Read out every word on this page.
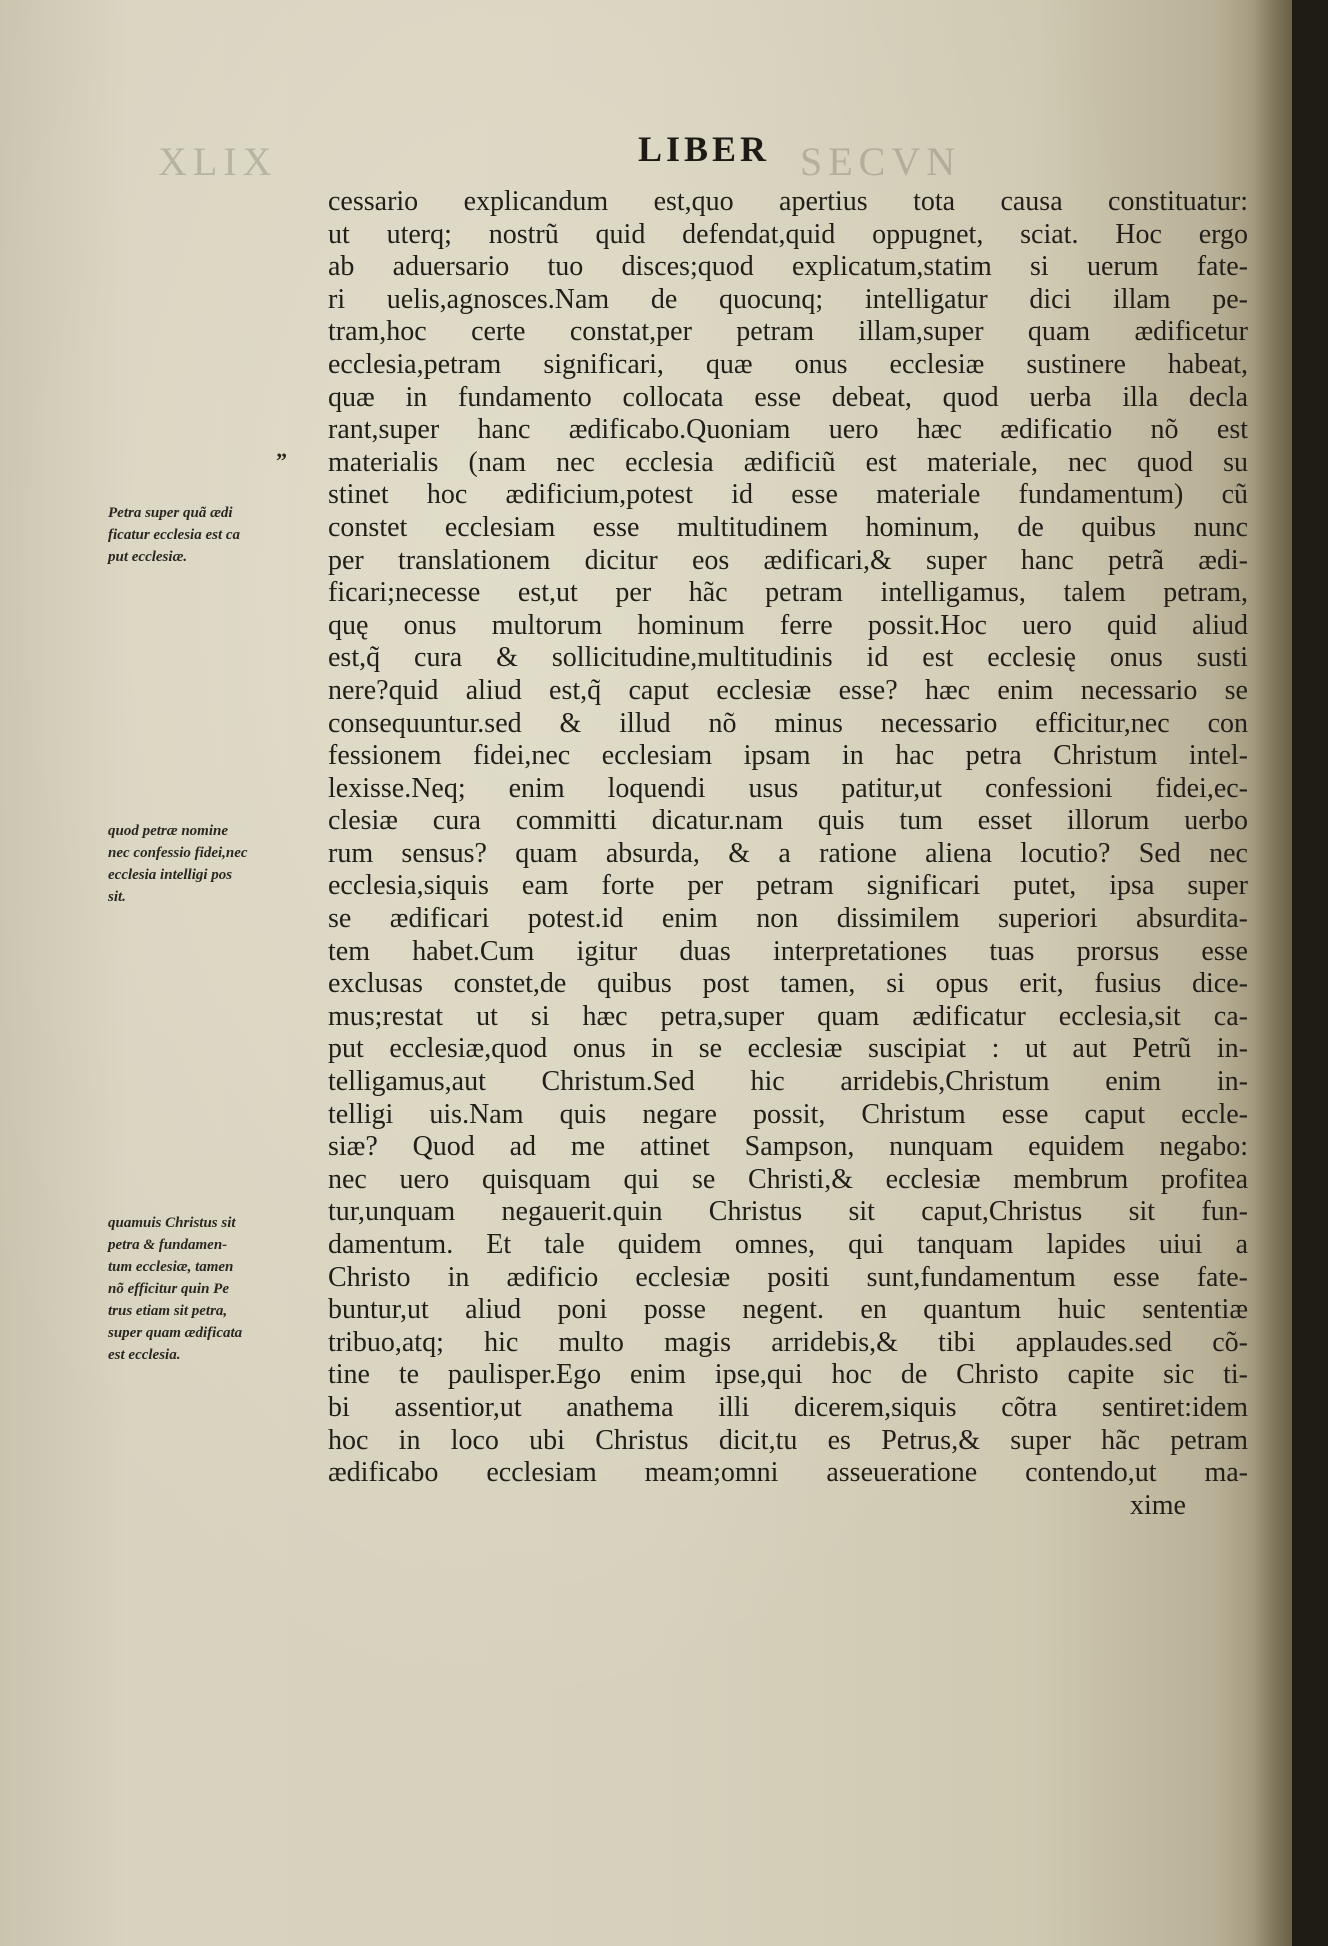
XLIX	SECVN
LIBER
”
Petra super quã ædi
ficatur ecclesia est ca
put ecclesiæ.
quod petræ nomine
nec confessio fidei,nec
ecclesia intelligi pos
sit.
quamuis Christus sit
petra & fundamen-
tum ecclesiæ, tamen
nõ efficitur quin Pe
trus etiam sit petra,
super quam ædificata
est ecclesia.
cessario explicandum est,quo apertius tota causa constituatur:
ut uterq; nostrũ quid defendat,quid oppugnet, sciat. Hoc ergo
ab aduersario tuo disces;quod explicatum,statim si uerum fate-
ri uelis,agnosces.Nam de quocunq; intelligatur dici illam pe-
tram,hoc certe constat,per petram illam,super quam ædificetur
ecclesia,petram significari, quæ onus ecclesiæ sustinere habeat,
quæ in fundamento collocata esse debeat, quod uerba illa decla
rant,super hanc ædificabo.Quoniam uero hæc ædificatio nõ est
materialis (nam nec ecclesia ædificiũ est materiale, nec quod su
stinet hoc ædificium,potest id esse materiale fundamentum) cũ
constet ecclesiam esse multitudinem hominum, de quibus nunc
per translationem dicitur eos ædificari,& super hanc petrã ædi-
ficari;necesse est,ut per hãc petram intelligamus, talem petram,
quę onus multorum hominum ferre possit.Hoc uero quid aliud
est,q̃ cura & sollicitudine,multitudinis id est ecclesię onus susti
nere?quid aliud est,q̃ caput ecclesiæ esse? hæc enim necessario se
consequuntur.sed & illud nõ minus necessario efficitur,nec con
fessionem fidei,nec ecclesiam ipsam in hac petra Christum intel-
lexisse.Neq; enim loquendi usus patitur,ut confessioni fidei,ec-
clesiæ cura committi dicatur.nam quis tum esset illorum uerbo
rum sensus? quam absurda, & a ratione aliena locutio? Sed nec
ecclesia,siquis eam forte per petram significari putet, ipsa super
se ædificari potest.id enim non dissimilem superiori absurdita-
tem habet.Cum igitur duas interpretationes tuas prorsus esse
exclusas constet,de quibus post tamen, si opus erit, fusius dice-
mus;restat ut si hæc petra,super quam ædificatur ecclesia,sit ca-
put ecclesiæ,quod onus in se ecclesiæ suscipiat : ut aut Petrũ in-
telligamus,aut Christum.Sed hic arridebis,Christum enim in-
telligi uis.Nam quis negare possit, Christum esse caput eccle-
siæ? Quod ad me attinet Sampson, nunquam equidem negabo:
nec uero quisquam qui se Christi,& ecclesiæ membrum profitea
tur,unquam negauerit.quin Christus sit caput,Christus sit fun-
damentum. Et tale quidem omnes, qui tanquam lapides uiui a
Christo in ædificio ecclesiæ positi sunt,fundamentum esse fate-
buntur,ut aliud poni posse negent. en quantum huic sententiæ
tribuo,atq; hic multo magis arridebis,& tibi applaudes.sed cõ-
tine te paulisper.Ego enim ipse,qui hoc de Christo capite sic ti-
bi assentior,ut anathema illi dicerem,siquis cõtra sentiret:idem
hoc in loco ubi Christus dicit,tu es Petrus,& super hãc petram
ædificabo ecclesiam meam;omni asseueratione contendo,ut ma-
xime
